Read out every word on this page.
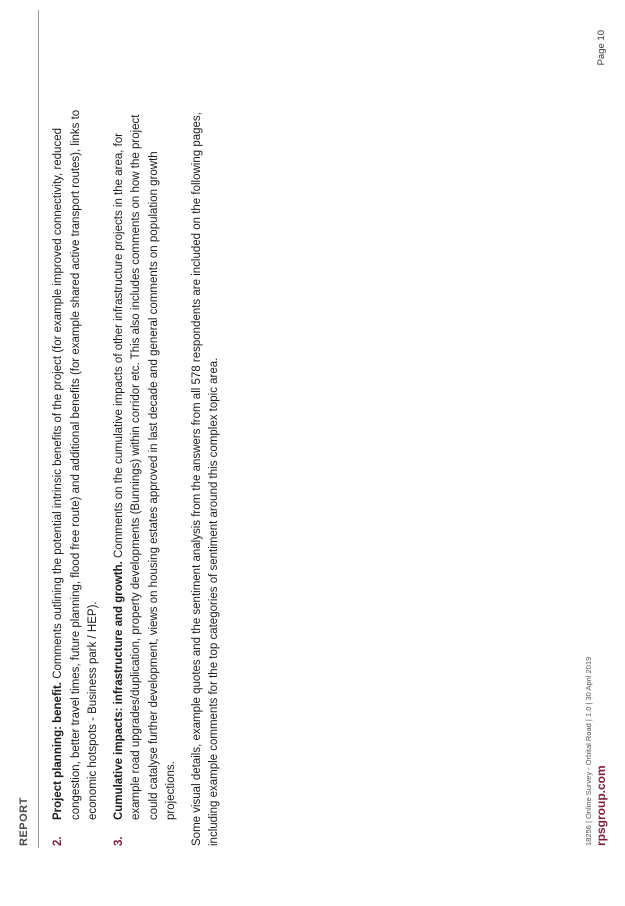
REPORT 2.
Project planning: benefit. Comments outlining the potential intrinsic benefits of the project (for example improved connectivity, reduced congestion, better travel times, future planning, flood free route) and additional benefits (for example shared active transport routes), links to economic hotspots - Business park / HEP).
3.
Cumulative impacts: infrastructure and growth. Comments on the cumulative impacts of other infrastructure projects in the area, for example road upgrades/duplication, property developments (Bunnings) within corridor etc. This also includes comments on how the project could catalyse further development, views on housing estates approved in last decade and general comments on population growth projections.	Some visual details, example quotes and the sentiment analysis from the answers from all 578 respondents are included on the following pages, including example comments for the top categories of sentiment around this complex topic area.	18256 | Online Survey - Orbital Road | 1.0 | 30 April 2019 rpsgroup.com
Page 10
